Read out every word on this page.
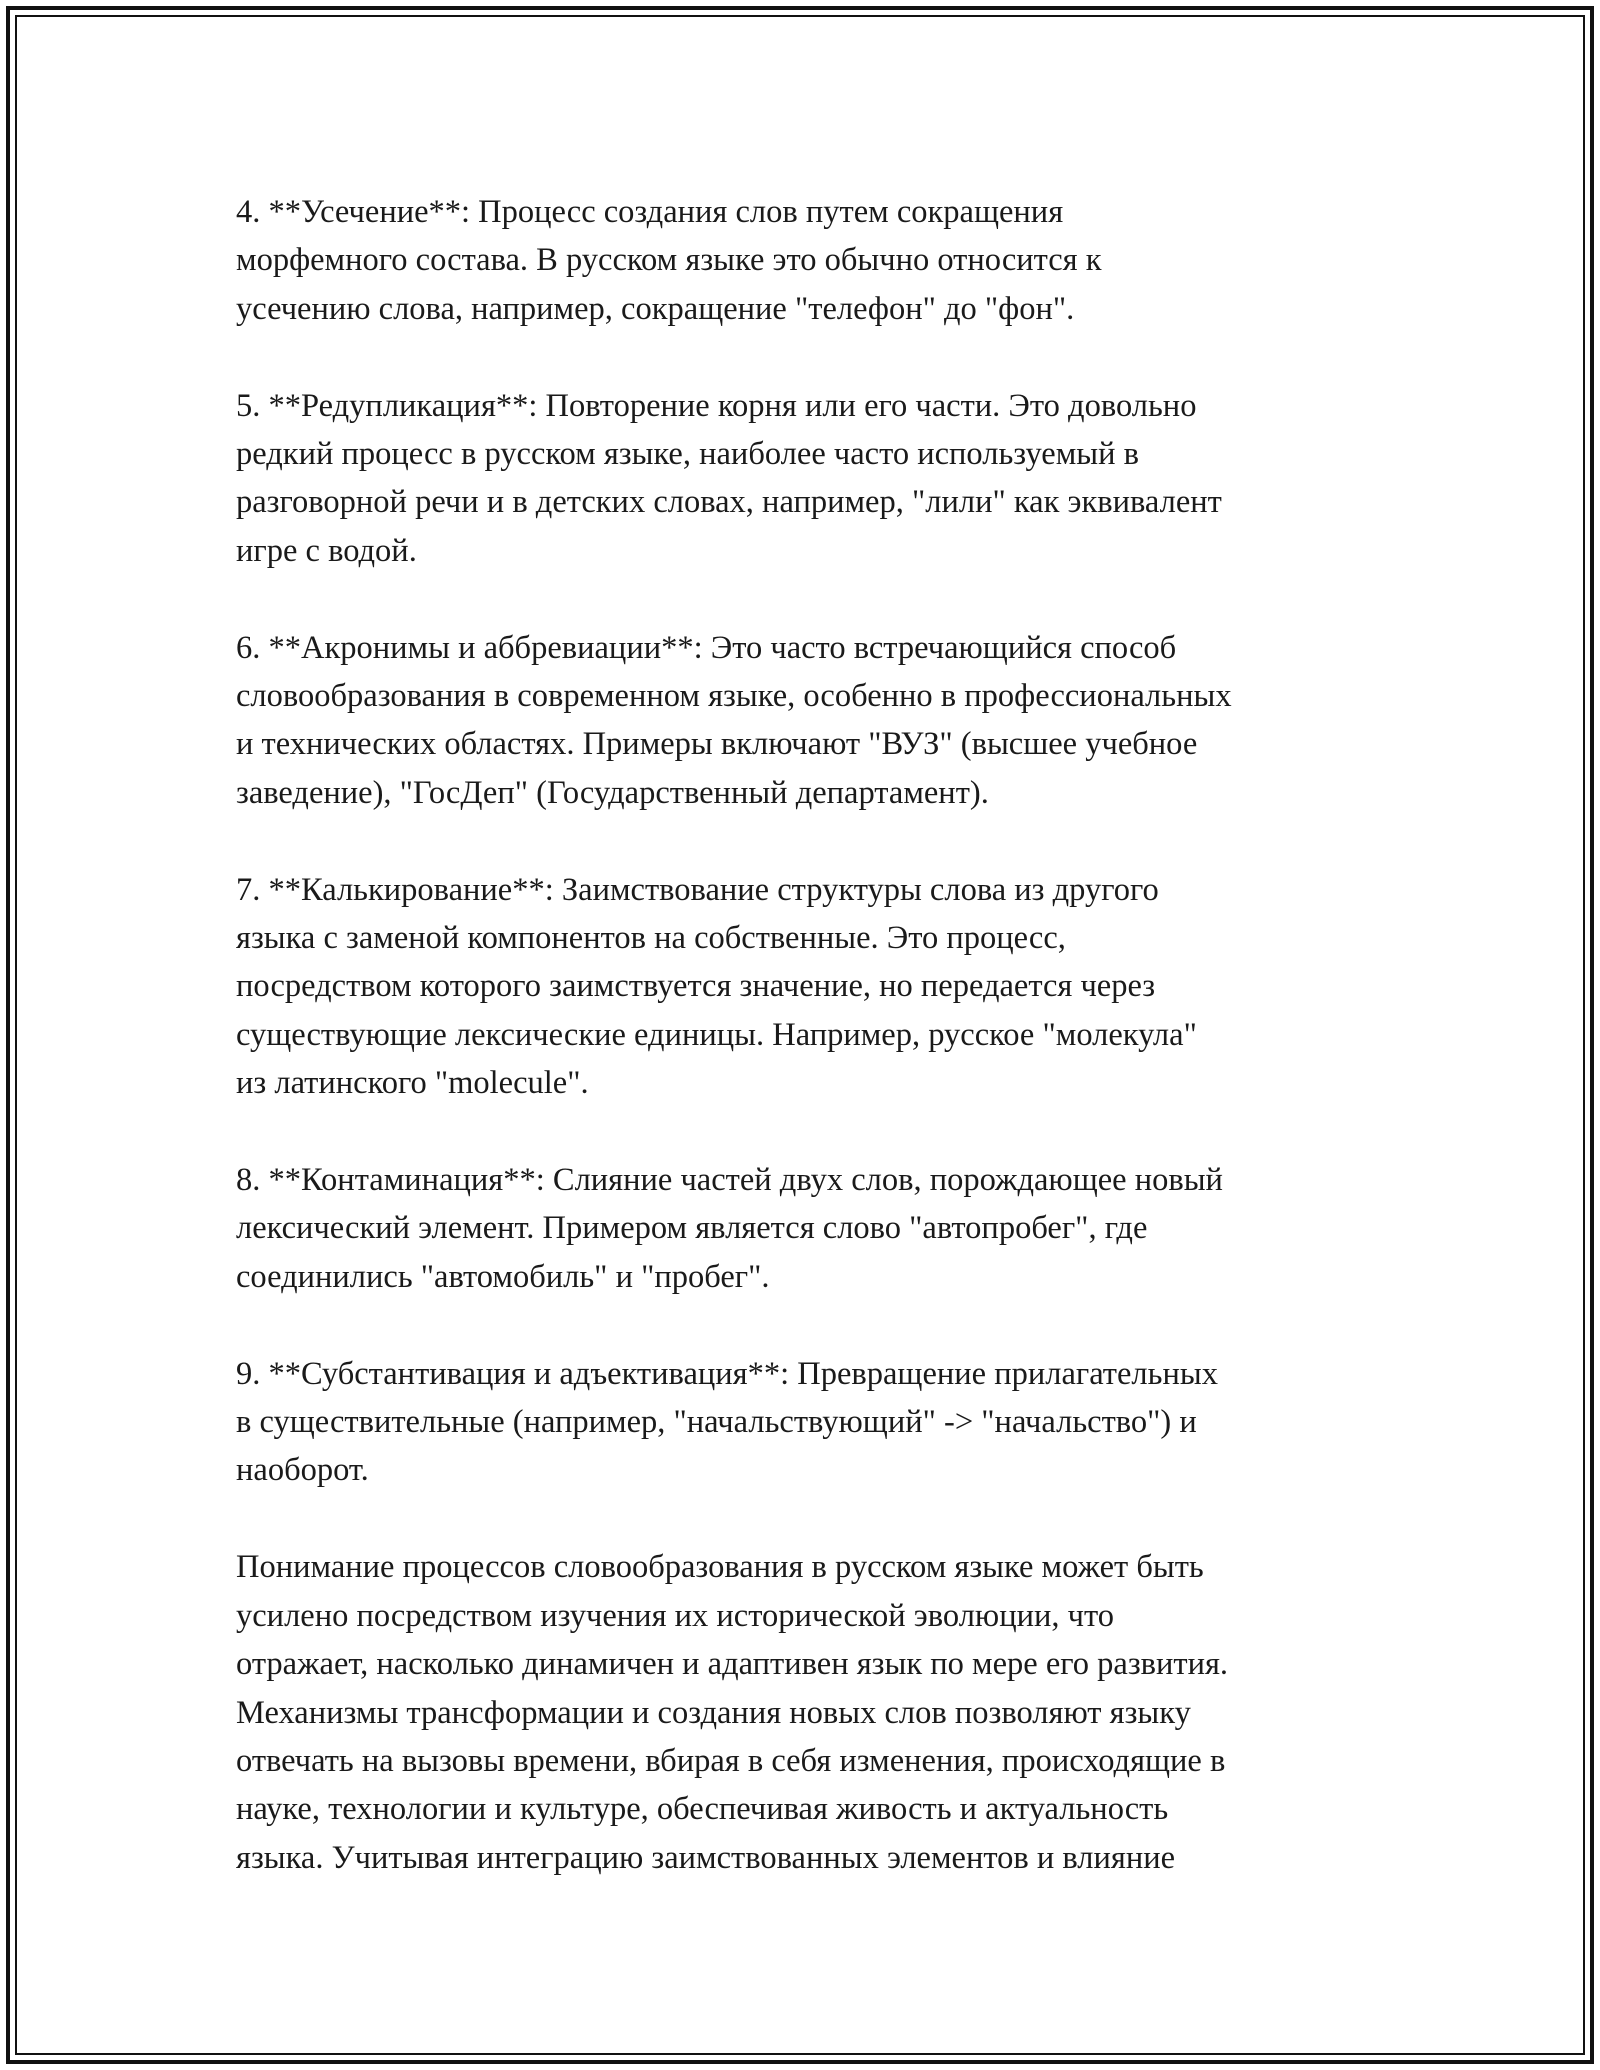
4. **Усечение**: Процесс создания слов путем сокращения
морфемного состава. В русском языке это обычно относится к
усечению слова, например, сокращение "телефон" до "фон".

5. **Редупликация**: Повторение корня или его части. Это довольно
редкий процесс в русском языке, наиболее часто используемый в
разговорной речи и в детских словах, например, "лили" как эквивалент
игре с водой.

6. **Акронимы и аббревиации**: Это часто встречающийся способ
словообразования в современном языке, особенно в профессиональных
и технических областях. Примеры включают "ВУЗ" (высшее учебное
заведение), "ГосДеп" (Государственный департамент).

7. **Калькирование**: Заимствование структуры слова из другого
языка с заменой компонентов на собственные. Это процесс,
посредством которого заимствуется значение, но передается через
существующие лексические единицы. Например, русское "молекула"
из латинского "molecule".

8. **Контаминация**: Слияние частей двух слов, порождающее новый
лексический элемент. Примером является слово "автопробег", где
соединились "автомобиль" и "пробег".

9. **Субстантивация и адъективация**: Превращение прилагательных
в существительные (например, "начальствующий" -> "начальство") и
наоборот.

Понимание процессов словообразования в русском языке может быть
усилено посредством изучения их исторической эволюции, что
отражает, насколько динамичен и адаптивен язык по мере его развития.
Механизмы трансформации и создания новых слов позволяют языку
отвечать на вызовы времени, вбирая в себя изменения, происходящие в
науке, технологии и культуре, обеспечивая живость и актуальность
языка. Учитывая интеграцию заимствованных элементов и влияние
